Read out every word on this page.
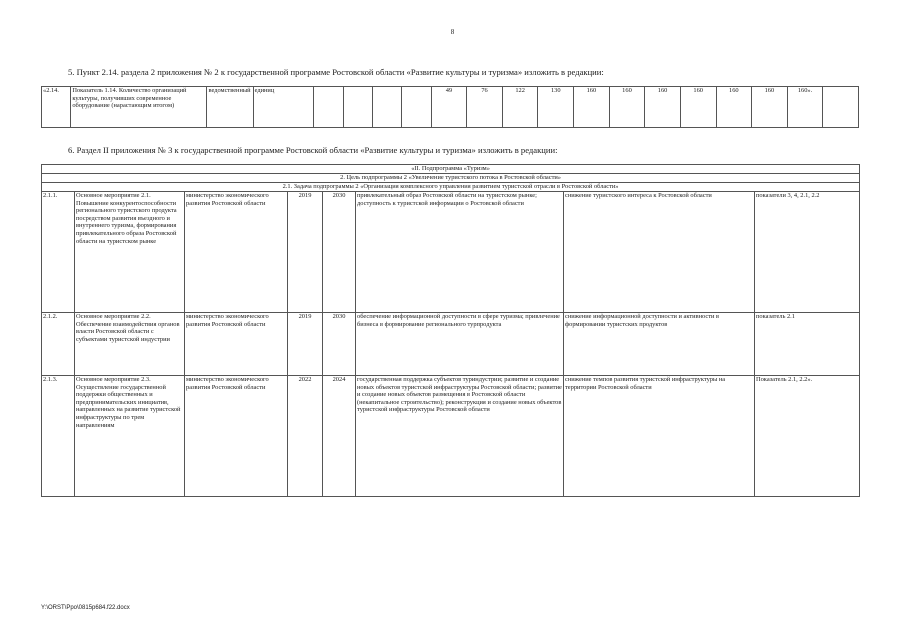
8
5. Пункт 2.14. раздела 2 приложения № 2 к государственной программе Ростовской области «Развитие культуры и туризма» изложить в редакции:
«2.14.	Показатель 1.14. Количество организаций культуры, получивших современное оборудование (нарастающим итогом)	ведомственный	единиц					49	76	122	130	160	160	160	160	160	160	160».	
6. Раздел II приложения № 3 к государственной программе Ростовской области «Развитие культуры и туризма» изложить в редакции:
«II. Подпрограмма «Туризм»							
2. Цель подпрограммы 2 «Увеличение туристского потока в Ростовской области»							
2.1. Задача подпрограммы 2 «Организация комплексного управления развитием туристской отрасли в Ростовской области»							
2.1.1.	Основное мероприятие 2.1. Повышение конкурентоспособности регионального туристского продукта посредством развития въездного и внутреннего туризма, формирования привлекательного образа Ростовской области на туристском рынке	министерство экономического развития Ростовской области	2019	2030	привлекательный образ Ростовской области на туристском рынке; доступность к туристской информации о Ростовской области	снижение туристского интереса к Ростовской области	показатели 3, 4, 2.1, 2.2
2.1.2.	Основное мероприятие 2.2. Обеспечение взаимодействия органов власти Ростовской области с субъектами туристской индустрии	министерство экономического развития Ростовской области	2019	2030	обеспечение информационной доступности в сфере туризма; привлечение бизнеса в формирование регионального турпродукта	снижение информационной доступности и активности в формировании туристских продуктов	показатель 2.1
2.1.3.	Основное мероприятие 2.3. Осуществление государственной поддержки общественных и предпринимательских инициатив, направленных на развитие туристской инфраструктуры по трем направлениям	министерство экономического развития Ростовской области	2022	2024	государственная поддержка субъектов туриндустрии; развитие и создание новых объектов туристской инфраструктуры Ростовской области; развитие и создание новых объектов размещения в Ростовской области (некапитальное строительство); реконструкция и создание новых объектов туристской инфраструктуры Ростовской области	снижение темпов развития туристской инфраструктуры на территории Ростовской области	Показатель 2.1, 2.2».
Y:\ORST\Ppo\0815p684.f22.docx
